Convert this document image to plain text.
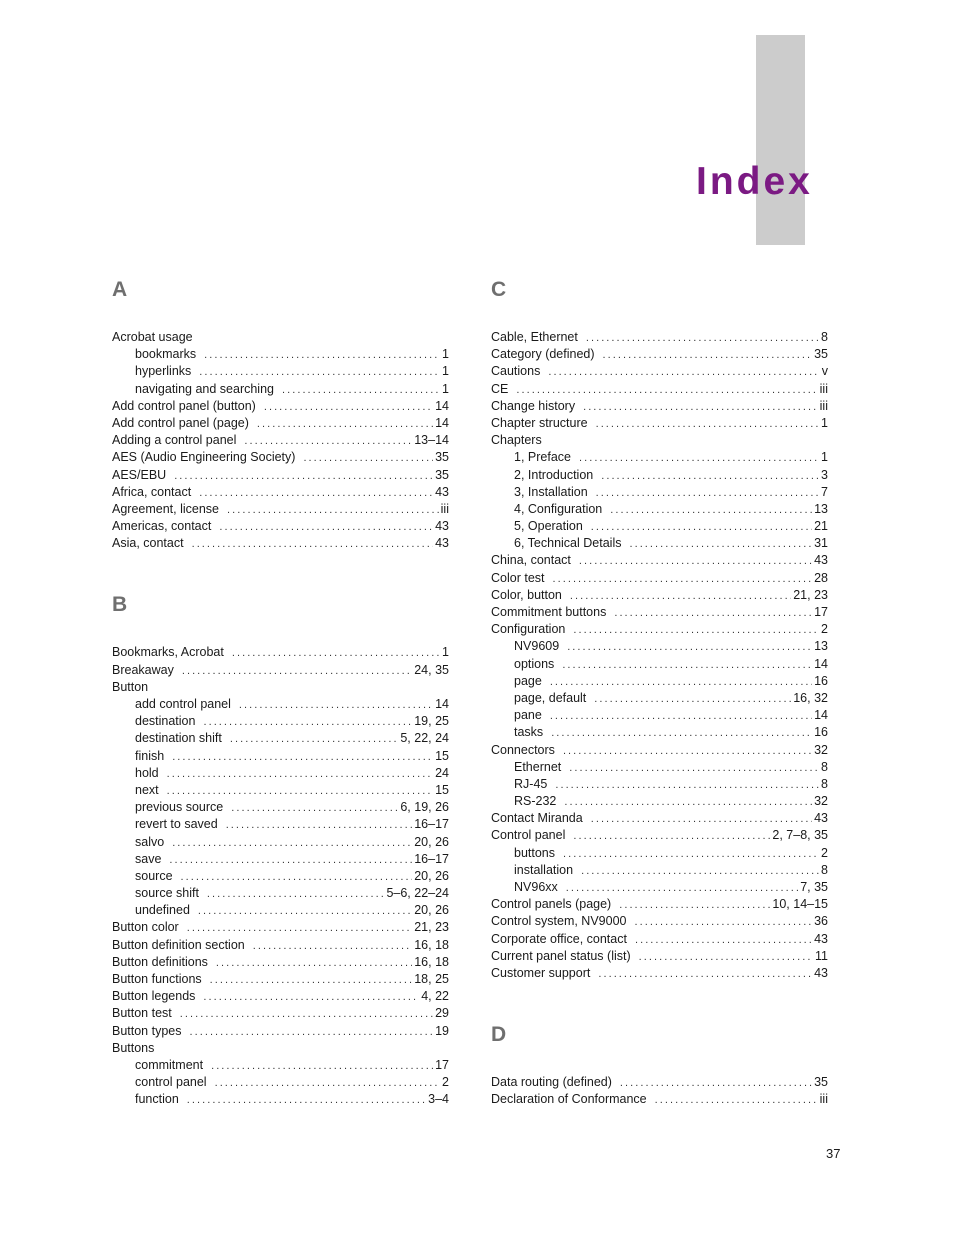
Index
A
Acrobat usage
bookmarks . . .	1
hyperlinks . . .	1
navigating and searching . . .	1
Add control panel (button) . . .	14
Add control panel (page) . . .	14
Adding a control panel . . .	13–14
AES (Audio Engineering Society) . . .	35
AES/EBU . . .	35
Africa, contact . . .	43
Agreement, license . . .	iii
Americas, contact . . .	43
Asia, contact . . .	43
B
Bookmarks, Acrobat . . .	1
Breakaway . . .	24, 35
Button
add control panel . . .	14
destination . . .	19, 25
destination shift . . .	5, 22, 24
finish . . .	15
hold . . .	24
next . . .	15
previous source . . .	6, 19, 26
revert to saved . . .	16–17
salvo . . .	20, 26
save . . .	16–17
source . . .	20, 26
source shift . . .	5–6, 22–24
undefined . . .	20, 26
Button color . . .	21, 23
Button definition section . . .	16, 18
Button definitions . . .	16, 18
Button functions . . .	18, 25
Button legends . . .	4, 22
Button test . . .	29
Button types . . .	19
Buttons
commitment . . .	17
control panel . . .	2
function . . .	3–4
C
Cable, Ethernet . . .	8
Category (defined) . . .	35
Cautions . . .	v
CE . . .	iii
Change history . . .	iii
Chapter structure . . .	1
Chapters
1, Preface . . .	1
2, Introduction . . .	3
3, Installation . . .	7
4, Configuration . . .	13
5, Operation . . .	21
6, Technical Details . . .	31
China, contact . . .	43
Color test . . .	28
Color, button . . .	21, 23
Commitment buttons . . .	17
Configuration . . .	2
NV9609 . . .	13
options . . .	14
page . . .	16
page, default . . .	16, 32
pane . . .	14
tasks . . .	16
Connectors . . .	32
Ethernet . . .	8
RJ-45 . . .	8
RS-232 . . .	32
Contact Miranda . . .	43
Control panel . . .	2, 7–8, 35
buttons . . .	2
installation . . .	8
NV96xx . . .	7, 35
Control panels (page) . . .	10, 14–15
Control system, NV9000 . . .	36
Corporate office, contact . . .	43
Current panel status (list) . . .	11
Customer support . . .	43
D
Data routing (defined) . . .	35
Declaration of Conformance . . .	iii
37
